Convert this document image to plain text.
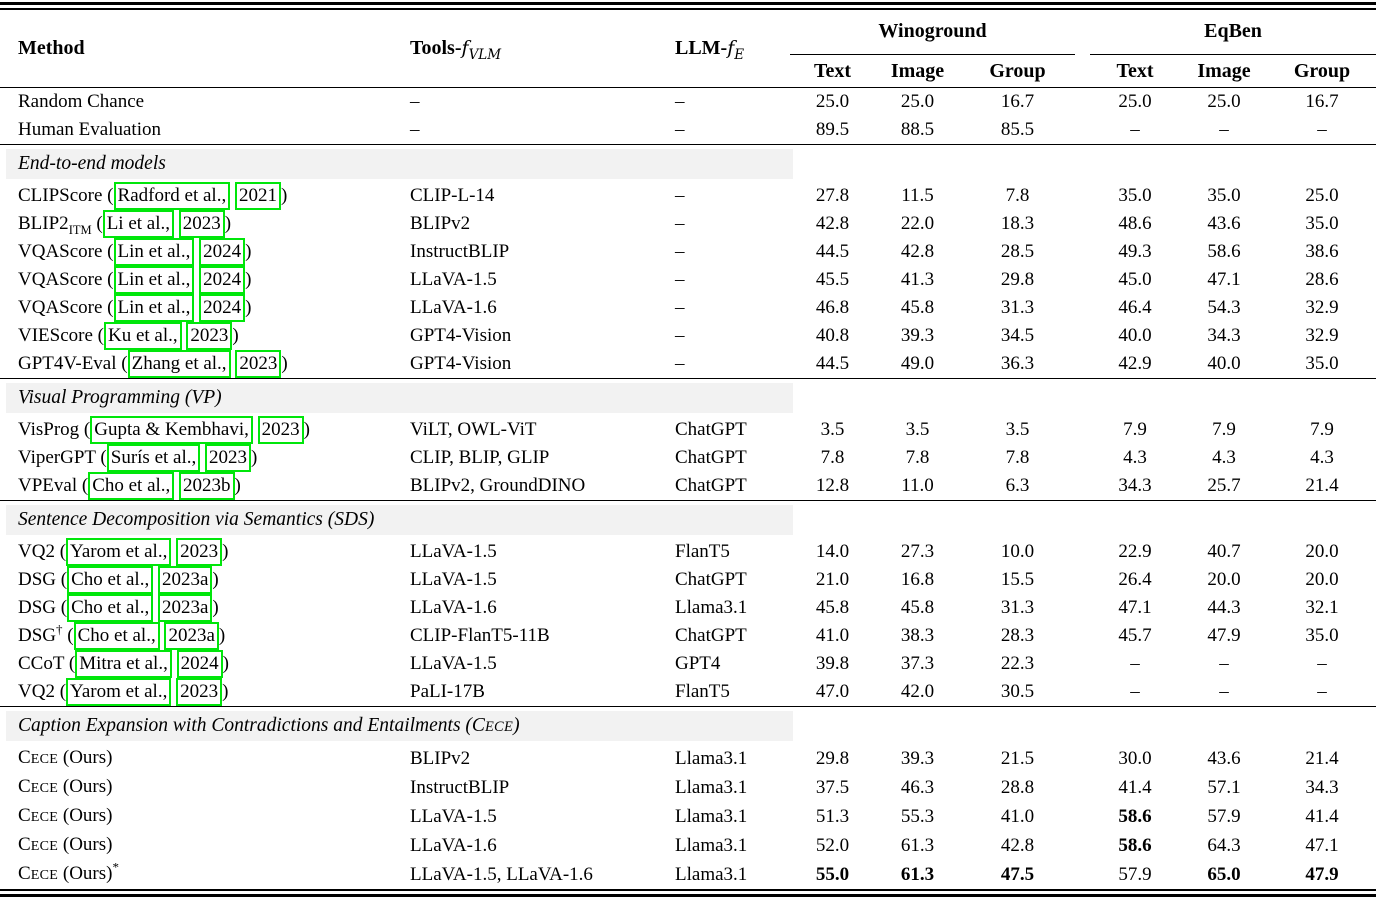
Method	Tools-$f_{VLM}$	LLM-$f_E$	Winoground				EqBen		
			Text	Image	Group		Text	Image	Group
Random Chance	–	–	25.0	25.0	16.7		25.0	25.0	16.7
Human Evaluation	–	–	89.5	88.5	85.5		–	–	–

End-to-end models									

CLIPScore ( Radford et al., 2021 )	CLIP-L-14	–	27.8	11.5	7.8		35.0	35.0	25.0
$BLIP2_{ITM}$ ( Li et al., 2023 )	BLIPv2	–	42.8	22.0	18.3		48.6	43.6	35.0
VQAScore ( Lin et al., 2024 )	InstructBLIP	–	44.5	42.8	28.5		49.3	58.6	38.6
VQAScore ( Lin et al., 2024 )	LLaVA-1.5	–	45.5	41.3	29.8		45.0	47.1	28.6
VQAScore ( Lin et al., 2024 )	LLaVA-1.6	–	46.8	45.8	31.3		46.4	54.3	32.9
VIEScore ( Ku et al., 2023 )	GPT4-Vision	–	40.8	39.3	34.5		40.0	34.3	32.9
GPT4V-Eval ( Zhang et al., 2023 )	GPT4-Vision	–	44.5	49.0	36.3		42.9	40.0	35.0

Visual Programming (VP)									

VisProg ( Gupta & Kembhavi, 2023 )	ViLT, OWL-ViT	ChatGPT	3.5	3.5	3.5		7.9	7.9	7.9
ViperGPT ( Surís et al., 2023 )	CLIP, BLIP, GLIP	ChatGPT	7.8	7.8	7.8		4.3	4.3	4.3
VPEval ( Cho et al., 2023b )	BLIPv2, GroundDINO	ChatGPT	12.8	11.0	6.3		34.3	25.7	21.4

Sentence Decomposition via Semantics (SDS)									

VQ2 ( Yarom et al., 2023 )	LLaVA-1.5	FlanT5	14.0	27.3	10.0		22.9	40.7	20.0
DSG ( Cho et al., 2023a )	LLaVA-1.5	ChatGPT	21.0	16.8	15.5		26.4	20.0	20.0
DSG ( Cho et al., 2023a )	LLaVA-1.6	Llama3.1	45.8	45.8	31.3		47.1	44.3	32.1
DSG† ( Cho et al., 2023a )	CLIP-FlanT5-11B	ChatGPT	41.0	38.3	28.3		45.7	47.9	35.0
CCoT ( Mitra et al., 2024 )	LLaVA-1.5	GPT4	39.8	37.3	22.3		–	–	–
VQ2 ( Yarom et al., 2023 )	PaLI-17B	FlanT5	47.0	42.0	30.5		–	–	–

Caption Expansion with Contradictions and Entailments (CECE)									

CECE (Ours)	BLIPv2	Llama3.1	29.8	39.3	21.5		30.0	43.6	21.4
CECE (Ours)	InstructBLIP	Llama3.1	37.5	46.3	28.8		41.4	57.1	34.3
CECE (Ours)	LLaVA-1.5	Llama3.1	51.3	55.3	41.0		58.6	57.9	41.4
CECE (Ours)	LLaVA-1.6	Llama3.1	52.0	61.3	42.8		58.6	64.3	47.1
CECE (Ours)*	LLaVA-1.5, LLaVA-1.6	Llama3.1	55.0	61.3	47.5		57.9	65.0	47.9
